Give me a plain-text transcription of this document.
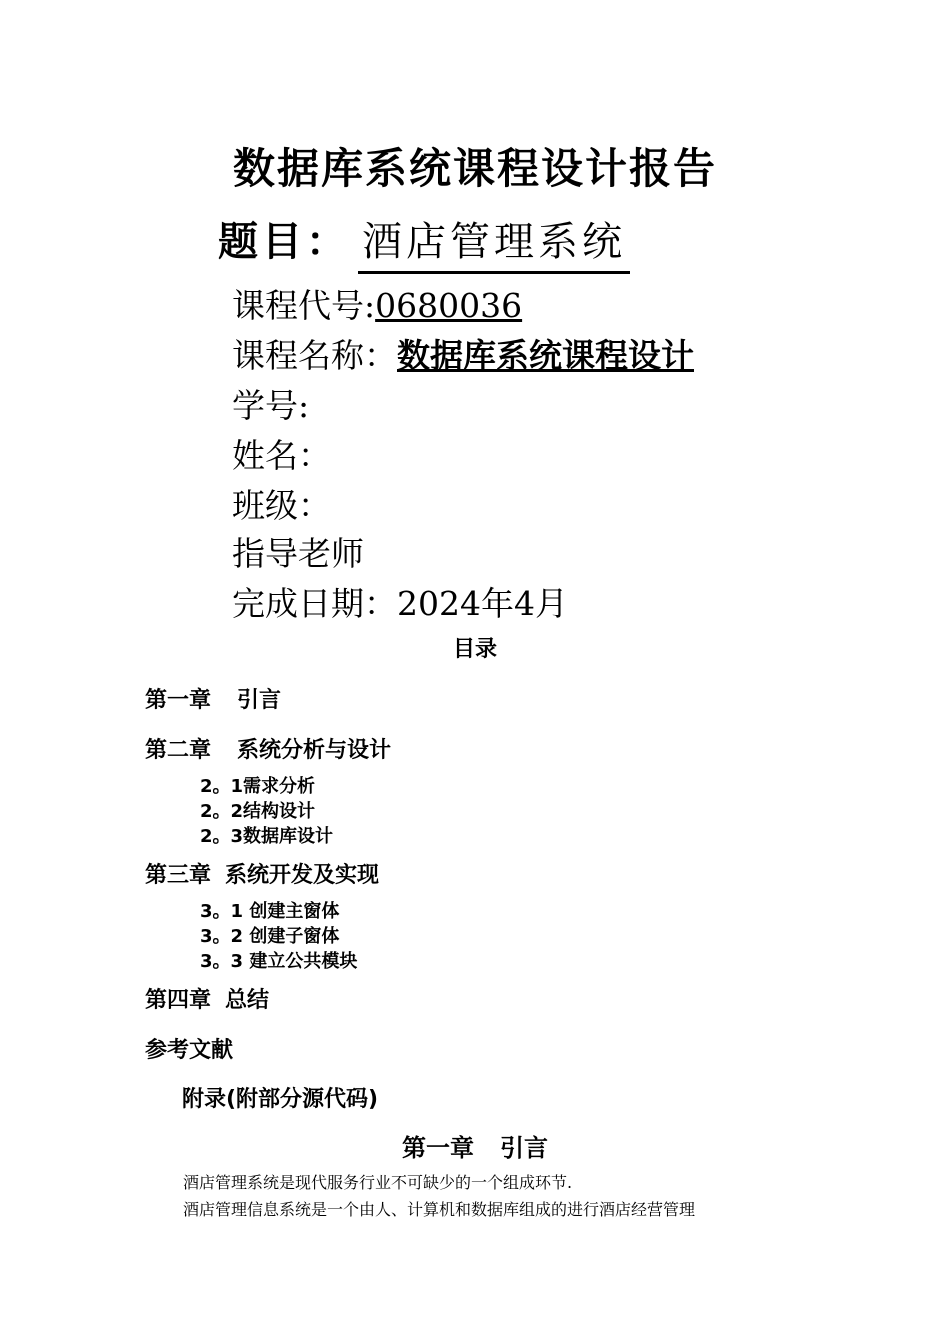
数据库系统课程设计报告
题目： 酒店管理系统
课程代号:0680036
课程名称：数据库系统课程设计
学号:
姓名：
班级：
指导老师
完成日期：2024年4月
目录
第一章 引言
第二章 系统分析与设计
2。1需求分析
2。2结构设计
2。3数据库设计
第三章 系统开发及实现
3。1 创建主窗体
3。2 创建子窗体
3。3 建立公共模块
第四章 总结
参考文献
附录(附部分源代码)
第一章 引言
酒店管理系统是现代服务行业不可缺少的一个组成环节.
酒店管理信息系统是一个由人、计算机和数据库组成的进行酒店经营管理
